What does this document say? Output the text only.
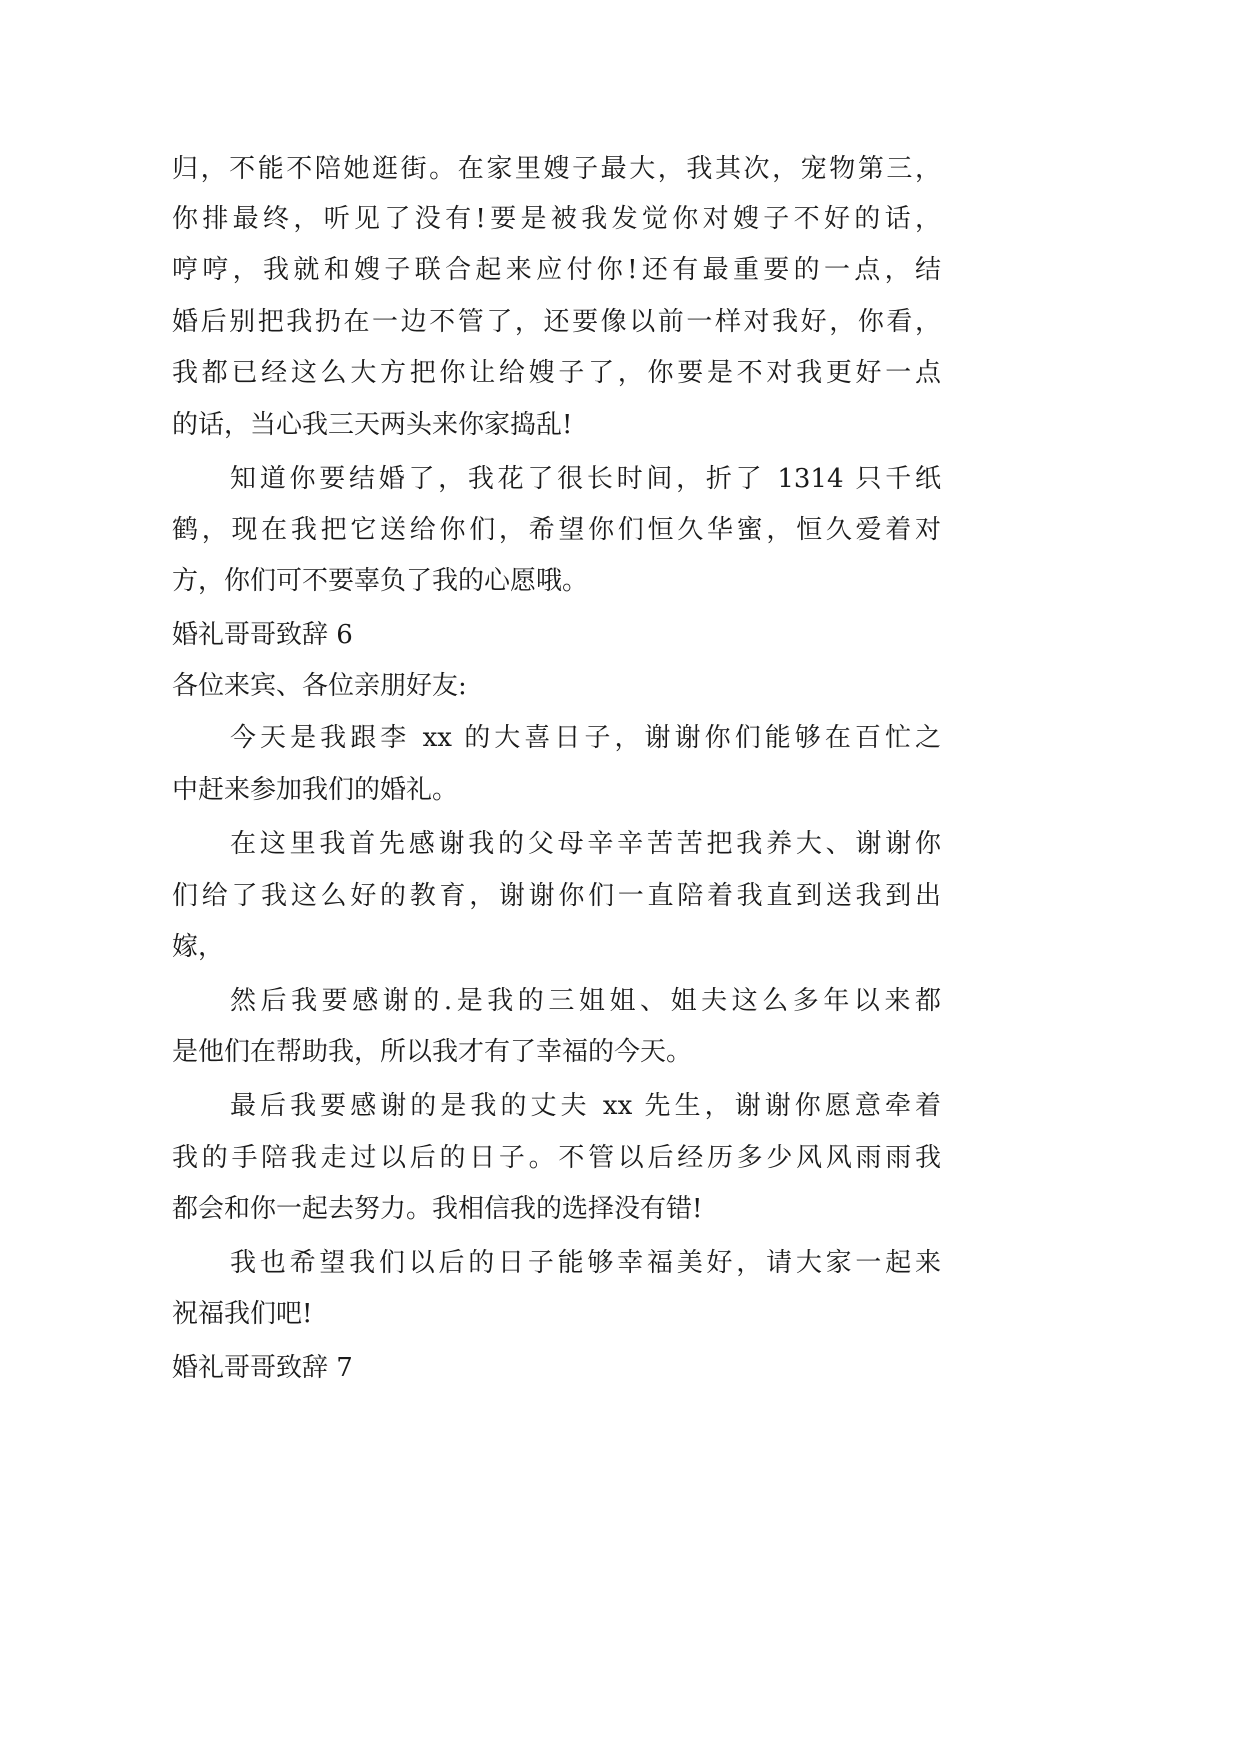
归，不能不陪她逛街。在家里嫂子最大，我其次，宠物第三，
你排最终，听见了没有!要是被我发觉你对嫂子不好的话，
哼哼，我就和嫂子联合起来应付你!还有最重要的一点，结
婚后别把我扔在一边不管了，还要像以前一样对我好，你看，
我都已经这么大方把你让给嫂子了，你要是不对我更好一点
的话，当心我三天两头来你家捣乱!
知道你要结婚了，我花了很长时间，折了 1314 只千纸
鹤，现在我把它送给你们，希望你们恒久华蜜，恒久爱着对
方，你们可不要辜负了我的心愿哦。
婚礼哥哥致辞 6
各位来宾、各位亲朋好友:
今天是我跟李 xx 的大喜日子，谢谢你们能够在百忙之
中赶来参加我们的婚礼。
在这里我首先感谢我的父母辛辛苦苦把我养大、谢谢你
们给了我这么好的教育，谢谢你们一直陪着我直到送我到出
嫁，
然后我要感谢的.是我的三姐姐、姐夫这么多年以来都
是他们在帮助我，所以我才有了幸福的今天。
最后我要感谢的是我的丈夫 xx 先生，谢谢你愿意牵着
我的手陪我走过以后的日子。不管以后经历多少风风雨雨我
都会和你一起去努力。我相信我的选择没有错!
我也希望我们以后的日子能够幸福美好，请大家一起来
祝福我们吧!
婚礼哥哥致辞 7
